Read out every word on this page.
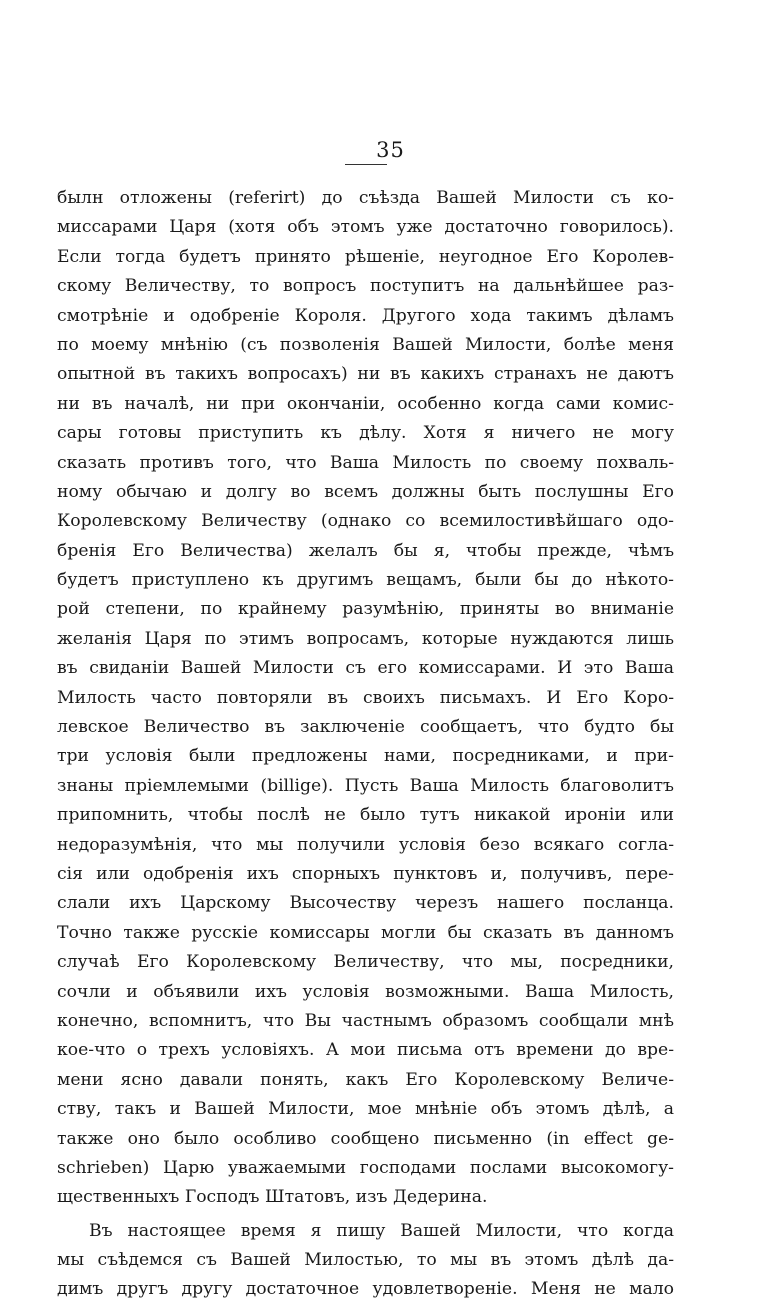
35
былн отложены (referirt) до съѣзда Вашей Милости съ ко-
миссарами Царя (хотя объ этомъ уже достаточно говорилось).
Если тогда будетъ принято рѣшеніе, неугодное Его Королев-
скому Величеству, то вопросъ поступитъ на дальнѣйшее раз-
смотрѣніе и одобреніе Короля. Другого хода такимъ дѣламъ
по моему мнѣнію (съ позволенія Вашей Милости, болѣе меня
опытной въ такихъ вопросахъ) ни въ какихъ странахъ не даютъ
ни въ началѣ, ни при окончаніи, особенно когда сами комис-
сары готовы приступить къ дѣлу. Хотя я ничего не могу
сказать противъ того, что Ваша Милость по своему похваль-
ному обычаю и долгу во всемъ должны быть послушны Его
Королевскому Величеству (однако со всемилостивѣйшаго одо-
бренія Его Величества) желалъ бы я, чтобы прежде, чѣмъ
будетъ приступлено къ другимъ вещамъ, были бы до нѣкото-
рой степени, по крайнему разумѣнію, приняты во вниманіе
желанія Царя по этимъ вопросамъ, которые нуждаются лишь
въ свиданіи Вашей Милости съ его комиссарами. И это Ваша
Милость часто повторяли въ своихъ письмахъ. И Его Коро-
левское Величество въ заключеніе сообщаетъ, что будто бы
три условія были предложены нами, посредниками, и при-
знаны пріемлемыми (billige). Пусть Ваша Милость благоволитъ
припомнить, чтобы послѣ не было тутъ никакой ироніи или
недоразумѣнія, что мы получили условія безо всякаго согла-
сія или одобренія ихъ спорныхъ пунктовъ и, получивъ, пере-
слали ихъ Царскому Высочеству черезъ нашего посланца.
Точно также русскіе комиссары могли бы сказать въ данномъ
случаѣ Его Королевскому Величеству, что мы, посредники,
сочли и объявили ихъ условія возможными. Ваша Милость,
конечно, вспомнитъ, что Вы частнымъ образомъ сообщали мнѣ
кое-что о трехъ условіяхъ. А мои письма отъ времени до вре-
мени ясно давали понять, какъ Его Королевскому Величе-
ству, такъ и Вашей Милости, мое мнѣніе объ этомъ дѣлѣ, а
также оно было особливо сообщено письменно (in effect ge-
schrieben) Царю уважаемыми господами послами высокомогу-
щественныхъ Господъ Штатовъ, изъ Дедерина.
Въ настоящее время я пишу Вашей Милости, что когда
мы съѣдемся съ Вашей Милостью, то мы въ этомъ дѣлѣ да-
димъ другъ другу достаточное удовлетвореніе. Меня не мало
